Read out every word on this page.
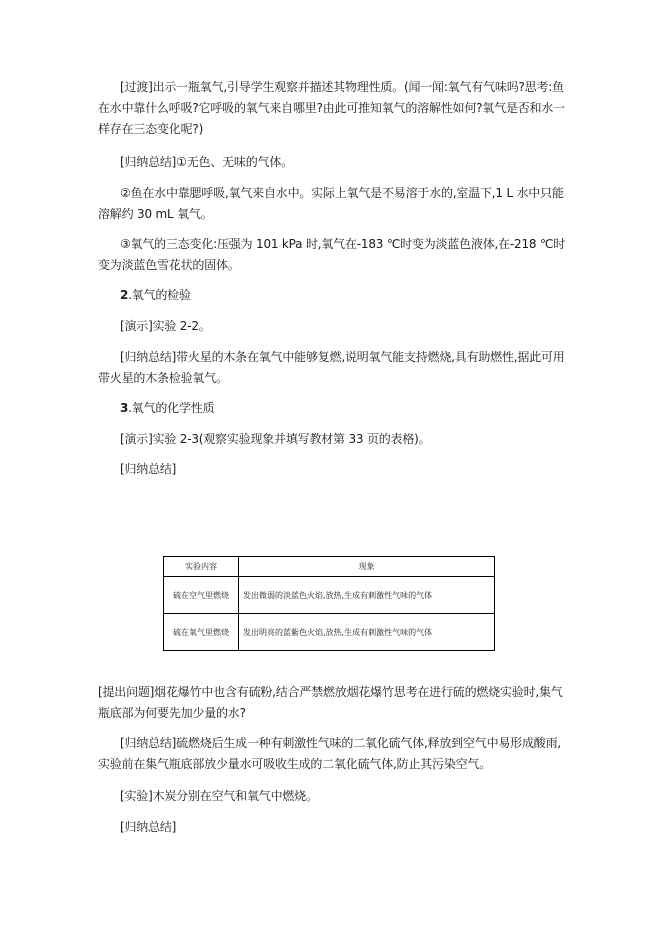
[过渡]出示一瓶氧气,引导学生观察并描述其物理性质。(闻一闻:氧气有气味吗?思考:鱼在水中靠什么呼吸?它呼吸的氧气来自哪里?由此可推知氧气的溶解性如何?氧气是否和水一样存在三态变化呢?)

[归纳总结]①无色、无味的气体。

②鱼在水中靠腮呼吸,氧气来自水中。实际上氧气是不易溶于水的,室温下,1 L 水中只能溶解约 30 mL 氧气。

③氧气的三态变化:压强为 101 kPa 时,氧气在-183 ℃时变为淡蓝色液体,在-218 ℃时变为淡蓝色雪花状的固体。

2.氧气的检验

[演示]实验 2-2。

[归纳总结]带火星的木条在氧气中能够复燃,说明氧气能支持燃烧,具有助燃性,据此可用带火星的木条检验氧气。

3.氧气的化学性质

[演示]实验 2-3(观察实验现象并填写教材第 33 页的表格)。

[归纳总结]

实验内容	现象
硫在空气里燃烧	发出微弱的淡蓝色火焰,放热,生成有刺激性气味的气体
硫在氧气里燃烧	发出明亮的蓝紫色火焰,放热,生成有刺激性气味的气体

[提出问题]烟花爆竹中也含有硫粉,结合严禁燃放烟花爆竹思考在进行硫的燃烧实验时,集气瓶底部为何要先加少量的水?

[归纳总结]硫燃烧后生成一种有刺激性气味的二氧化硫气体,释放到空气中易形成酸雨,实验前在集气瓶底部放少量水可吸收生成的二氧化硫气体,防止其污染空气。

[实验]木炭分别在空气和氧气中燃烧。

[归纳总结]
